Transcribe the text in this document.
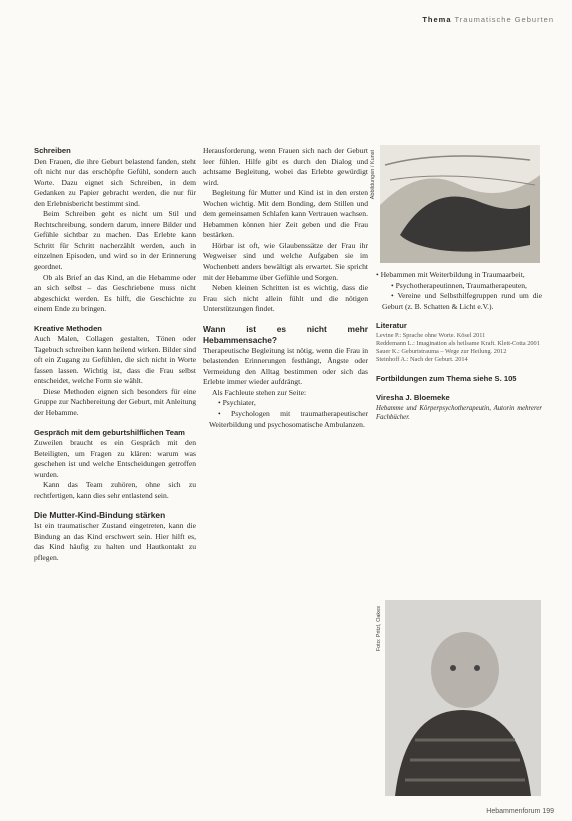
Thema Traumatische Geburten
Schreiben

Den Frauen, die ihre Geburt belastend fanden, steht oft nicht nur das erschöpfte Gefühl, sondern auch Worte. Dazu eignet sich Schreiben, in dem Gedanken zu Papier gebracht werden, die nur für den Erlebnisbericht bestimmt sind.

Beim Schreiben geht es nicht um Stil und Rechtschreibung, sondern darum, innere Bilder und Gefühle sichtbar zu machen. Das Erlebte kann Schritt für Schritt nacherzählt werden, auch in einzelnen Episoden, und wird so in der Erinnerung geordnet.

Ob als Brief an das Kind, an die Hebamme oder an sich selbst – das Geschriebene muss nicht abgeschickt werden. Es hilft, die Geschichte zu einem Ende zu bringen.

Kreative Methoden

Auch Malen, Collagen gestalten, Tönen oder Tagebuch schreiben kann heilend wirken. Bilder sind oft ein Zugang zu Gefühlen, die sich nicht in Worte fassen lassen. Wichtig ist, dass die Frau selbst entscheidet, welche Form sie wählt.

Diese Methoden eignen sich besonders für eine Gruppe zur Nachbereitung der Geburt, mit Anleitung der Hebamme.

Gespräch mit dem geburtshilflichen Team

Zuweilen braucht es ein Gespräch mit den Beteiligten, um Fragen zu klären: warum was geschehen ist und welche Entscheidungen getroffen wurden.

Kann das Team zuhören, ohne sich zu rechtfertigen, kann dies sehr entlastend sein.

Die Mutter-Kind-Bindung stärken

Ist ein traumatischer Zustand eingetreten, kann die Bindung an das Kind erschwert sein. Hier hilft es, das Kind häufig zu halten und Hautkontakt zu pflegen.

Herausforderung, wenn Frauen sich nach der Geburt leer fühlen. Hilfe gibt es durch den Dialog und achtsame Begleitung, wobei das Erlebte gewürdigt wird.

Begleitung für Mutter und Kind ist in den ersten Wochen wichtig. Mit dem Bonding, dem Stillen und dem gemeinsamen Schlafen kann Vertrauen wachsen. Hebammen können hier Zeit geben und die Frau bestärken.

Hörbar ist oft, wie Glaubenssätze der Frau ihr Wegweiser sind und welche Aufgaben sie im Wochenbett anders bewältigt als erwartet. Sie spricht mit der Hebamme über Gefühle und Sorgen.

Neben kleinen Schritten ist es wichtig, dass die Frau sich nicht allein fühlt und die nötigen Unterstützungen findet.

Wann ist es nicht mehr Hebammensache?

Therapeutische Begleitung ist nötig, wenn die Frau in belastenden Erinnerungen festhängt, Ängste oder Vermeidung den Alltag bestimmen oder sich das Erlebte immer wieder aufdrängt.

Als Fachleute stehen zur Seite:

• Psychiater,

• Psychologen mit traumatherapeutischer Weiterbildung und psychosomatische Ambulanzen.

Abbildungen / Kunst

• Hebammen mit Weiterbildung in Traumaarbeit,

• Psychotherapeutinnen, Traumatherapeuten,

• Vereine und Selbsthilfegruppen rund um die Geburt (z. B. Schatten & Licht e.V.).

Literatur
Levine P.: Sprache ohne Worte. Kösel 2011
Reddemann L.: Imagination als heilsame Kraft. Klett-Cotta 2001
Sauer K.: Geburtstrauma – Wege zur Heilung. 2012
Steinhoff A.: Nach der Geburt. 2014
Fortbildungen zum Thema siehe S. 105
Viresha J. Bloemeke

Hebamme und Körperpsychotherapeutin, Autorin mehrerer Fachbücher.

Foto: Pritzl, Oakes
Hebammenforum 199
